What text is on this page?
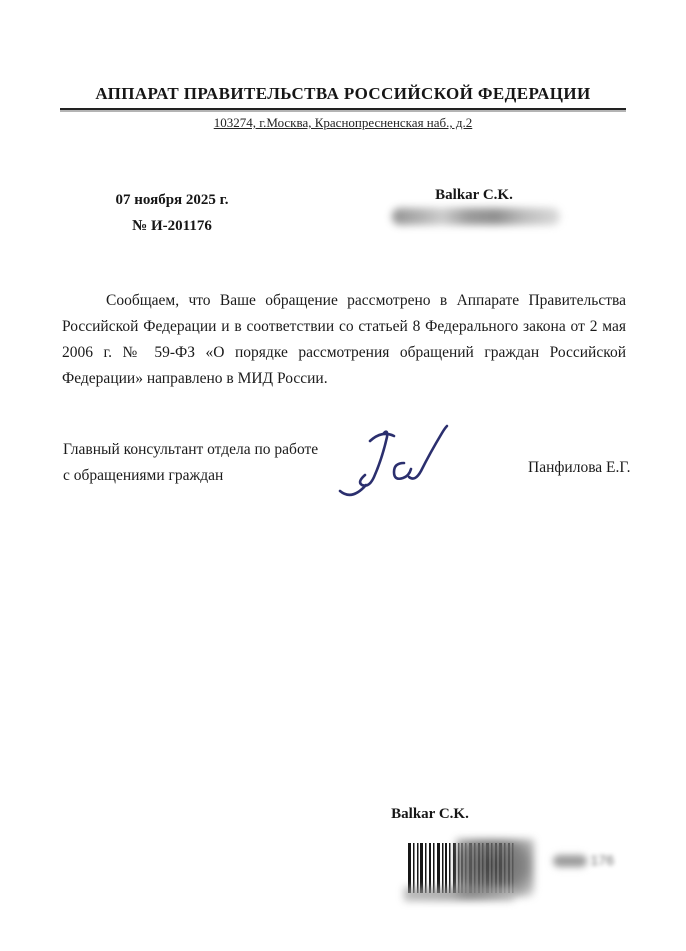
АППАРАТ ПРАВИТЕЛЬСТВА РОССИЙСКОЙ ФЕДЕРАЦИИ
103274, г.Москва, Краснопресненская наб., д.2
07 ноября 2025 г.
№ И-201176
Balkar C.K.
Сообщаем, что Ваше обращение рассмотрено в Аппарате Правительства Российской Федерации и в соответствии со статьей 8 Федерального закона от 2 мая 2006 г. № 59-ФЗ «О порядке рассмотрения обращений граждан Российской Федерации» направлено в МИД России.
Главный консультант отдела по работе
с обращениями граждан	Панфилова Е.Г.
Balkar C.K.
176
